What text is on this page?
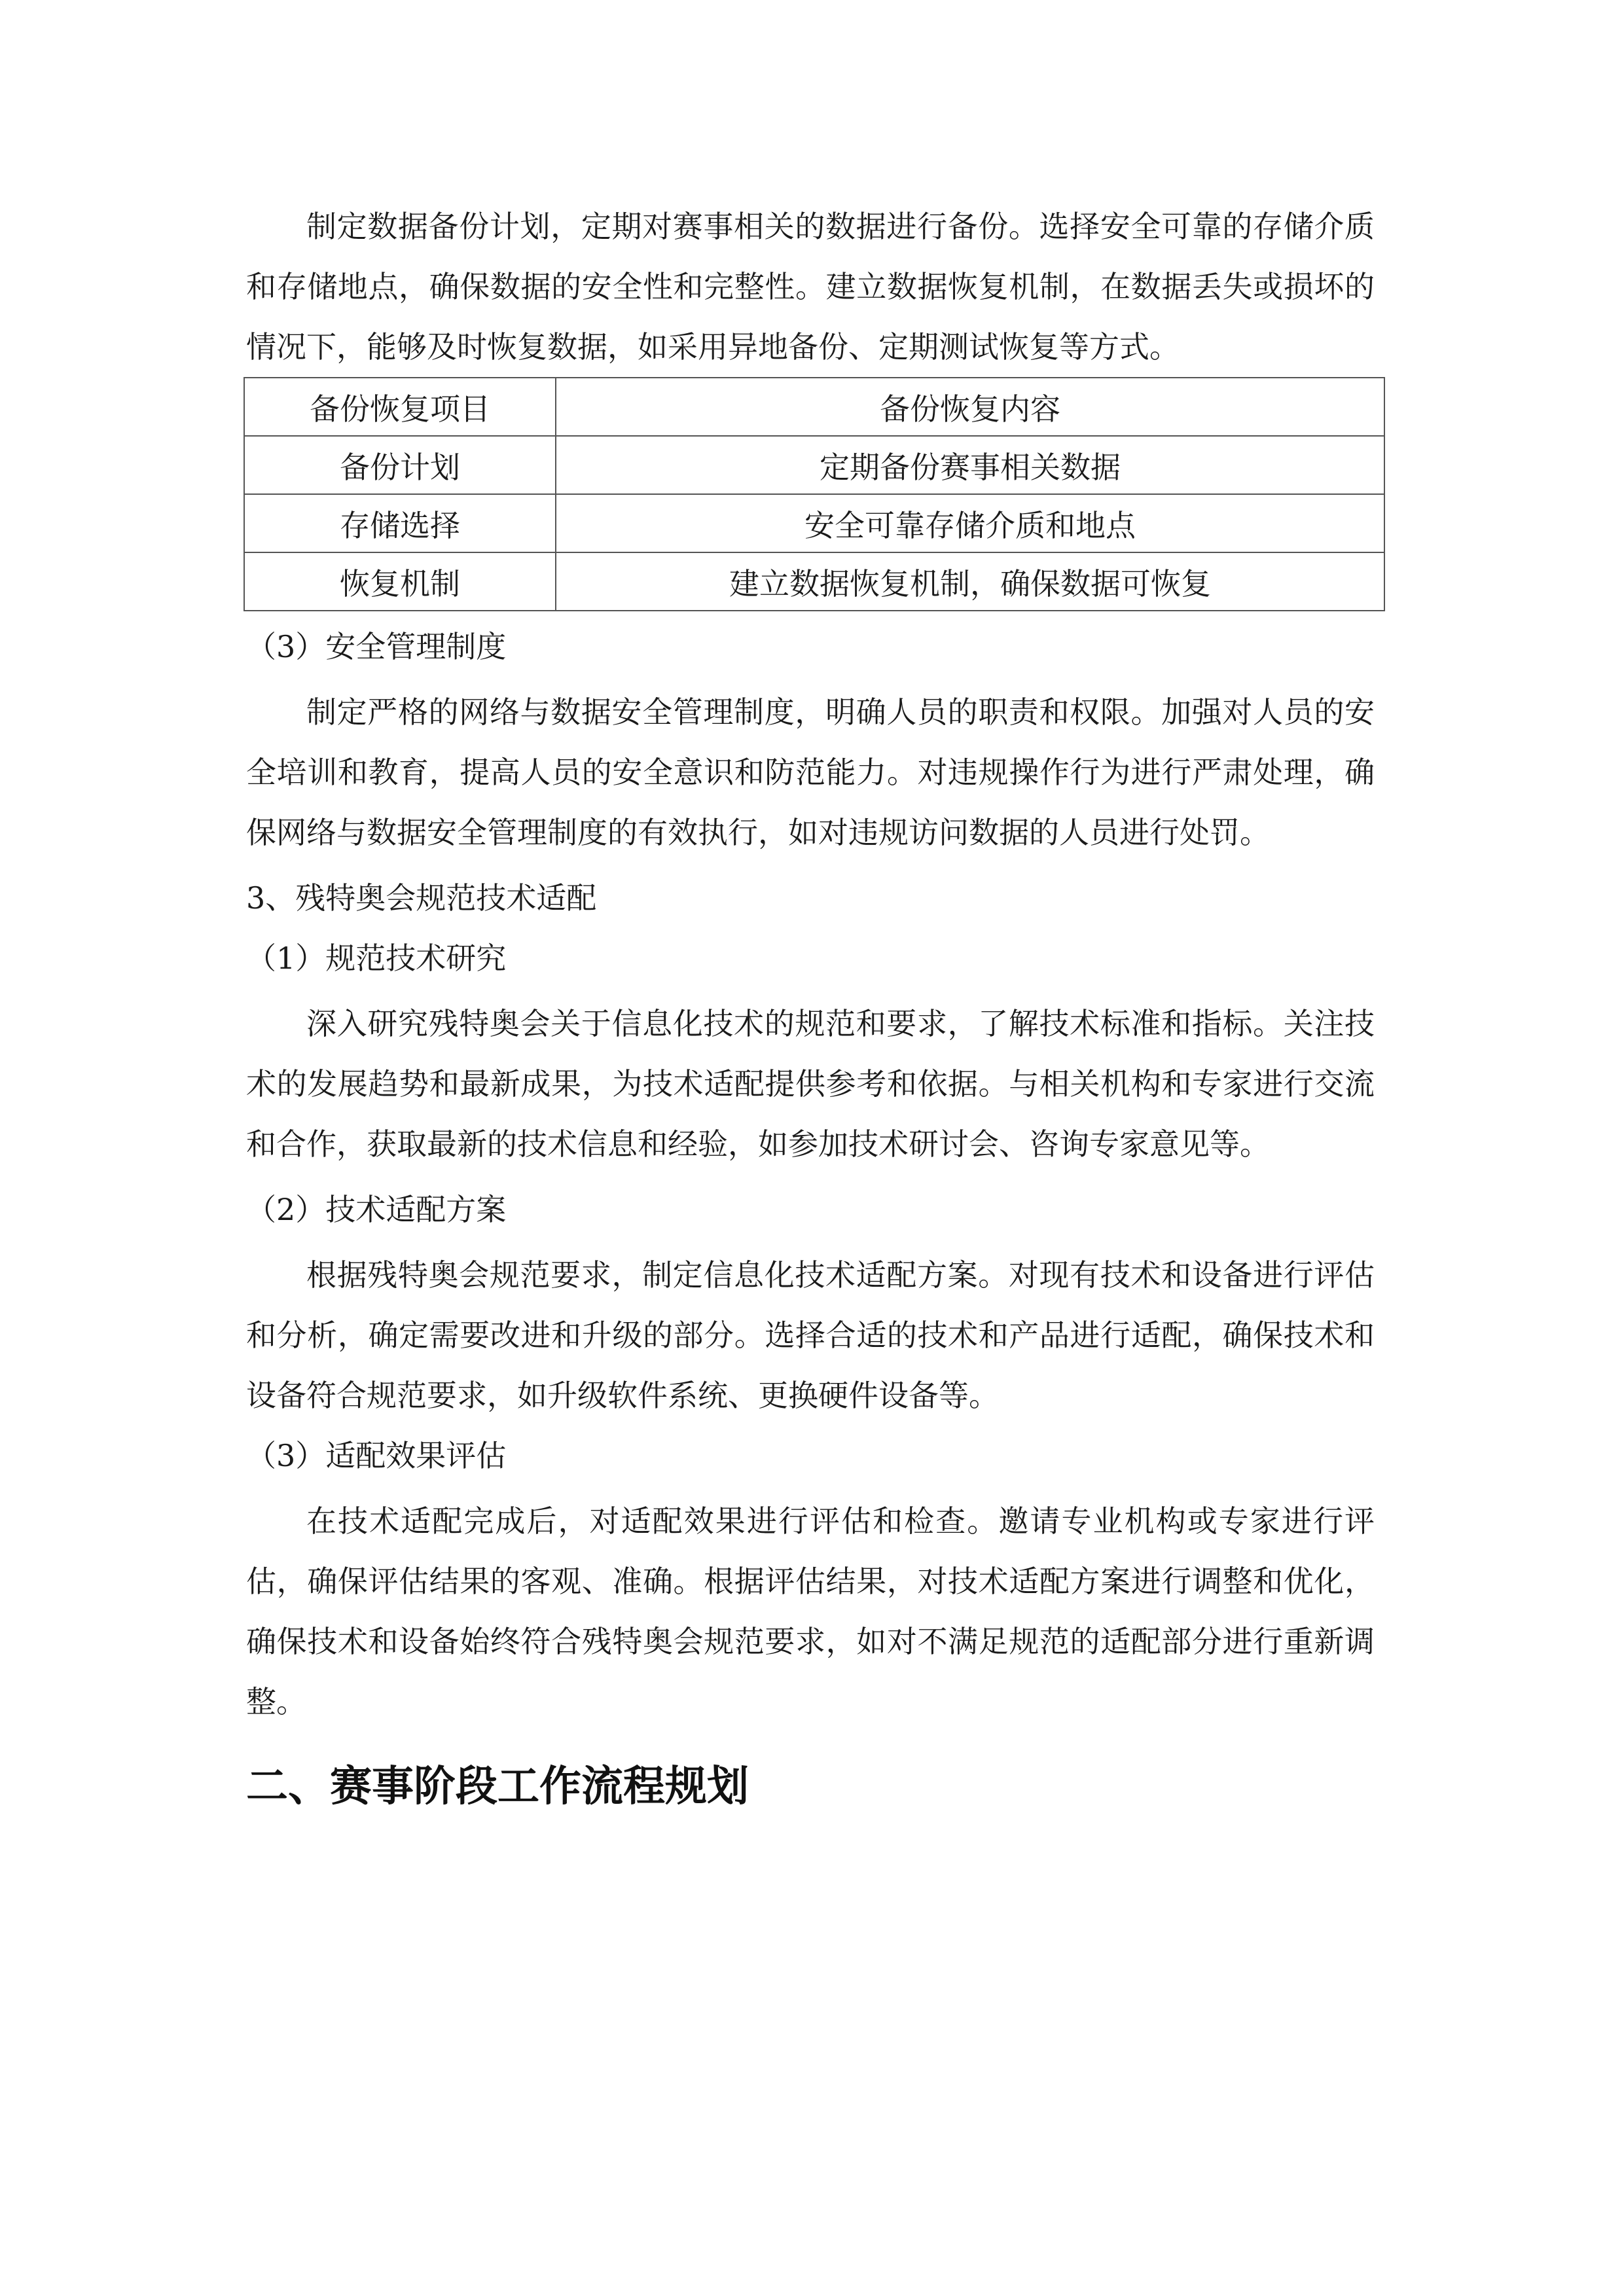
制定数据备份计划，定期对赛事相关的数据进行备份。选择安全可靠的存储介质和存储地点，确保数据的安全性和完整性。建立数据恢复机制，在数据丢失或损坏的情况下，能够及时恢复数据，如采用异地备份、定期测试恢复等方式。

备份恢复项目	备份恢复内容
备份计划	定期备份赛事相关数据
存储选择	安全可靠存储介质和地点
恢复机制	建立数据恢复机制，确保数据可恢复

（3）安全管理制度

制定严格的网络与数据安全管理制度，明确人员的职责和权限。加强对人员的安全培训和教育，提高人员的安全意识和防范能力。对违规操作行为进行严肃处理，确保网络与数据安全管理制度的有效执行，如对违规访问数据的人员进行处罚。

3、残特奥会规范技术适配

（1）规范技术研究

深入研究残特奥会关于信息化技术的规范和要求，了解技术标准和指标。关注技术的发展趋势和最新成果，为技术适配提供参考和依据。与相关机构和专家进行交流和合作，获取最新的技术信息和经验，如参加技术研讨会、咨询专家意见等。

（2）技术适配方案

根据残特奥会规范要求，制定信息化技术适配方案。对现有技术和设备进行评估和分析，确定需要改进和升级的部分。选择合适的技术和产品进行适配，确保技术和设备符合规范要求，如升级软件系统、更换硬件设备等。

（3）适配效果评估

在技术适配完成后，对适配效果进行评估和检查。邀请专业机构或专家进行评估，确保评估结果的客观、准确。根据评估结果，对技术适配方案进行调整和优化，确保技术和设备始终符合残特奥会规范要求，如对不满足规范的适配部分进行重新调整。

二、赛事阶段工作流程规划
